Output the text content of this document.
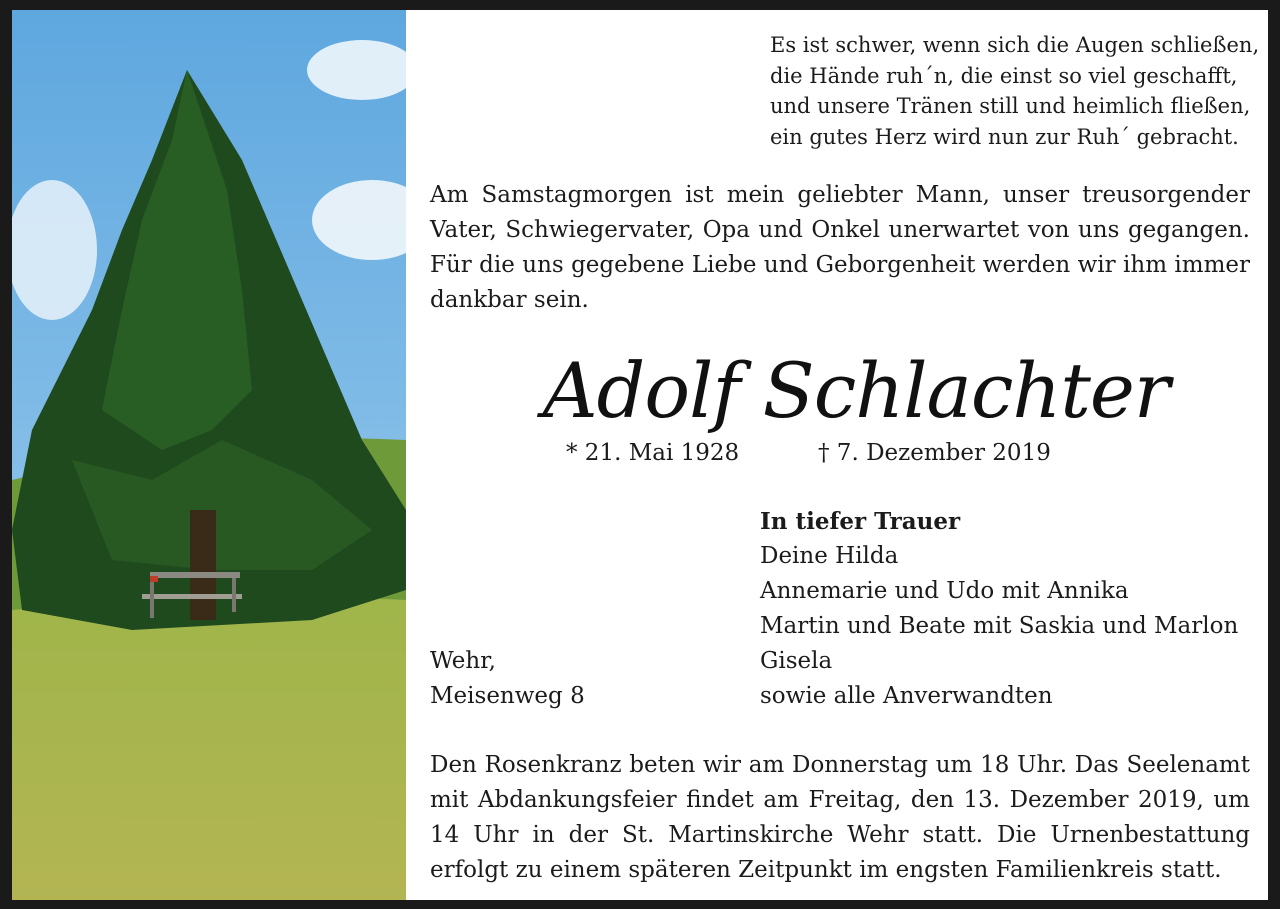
Es ist schwer, wenn sich die Augen schließen,
die Hände ruh´n, die einst so viel geschafft,
und unsere Tränen still und heimlich fließen,
ein gutes Herz wird nun zur Ruh´ gebracht.
Am Samstagmorgen ist mein geliebter Mann, unser treusorgender Vater, Schwiegervater, Opa und Onkel unerwartet von uns gegangen. Für die uns gegebene Liebe und Geborgenheit werden wir ihm immer dankbar sein.
Adolf Schlachter
* 21. Mai 1928	† 7. Dezember 2019
In tiefer Trauer
Deine Hilda
Annemarie und Udo mit Annika
Martin und Beate mit Saskia und Marlon
Gisela
sowie alle Anverwandten
Wehr,
Meisenweg 8
Den Rosenkranz beten wir am Donnerstag um 18 Uhr. Das Seelenamt mit Abdankungsfeier findet am Freitag, den 13. Dezember 2019, um 14 Uhr in der St. Martinskirche Wehr statt. Die Urnenbestattung erfolgt zu einem späteren Zeitpunkt im engsten Familienkreis statt.
